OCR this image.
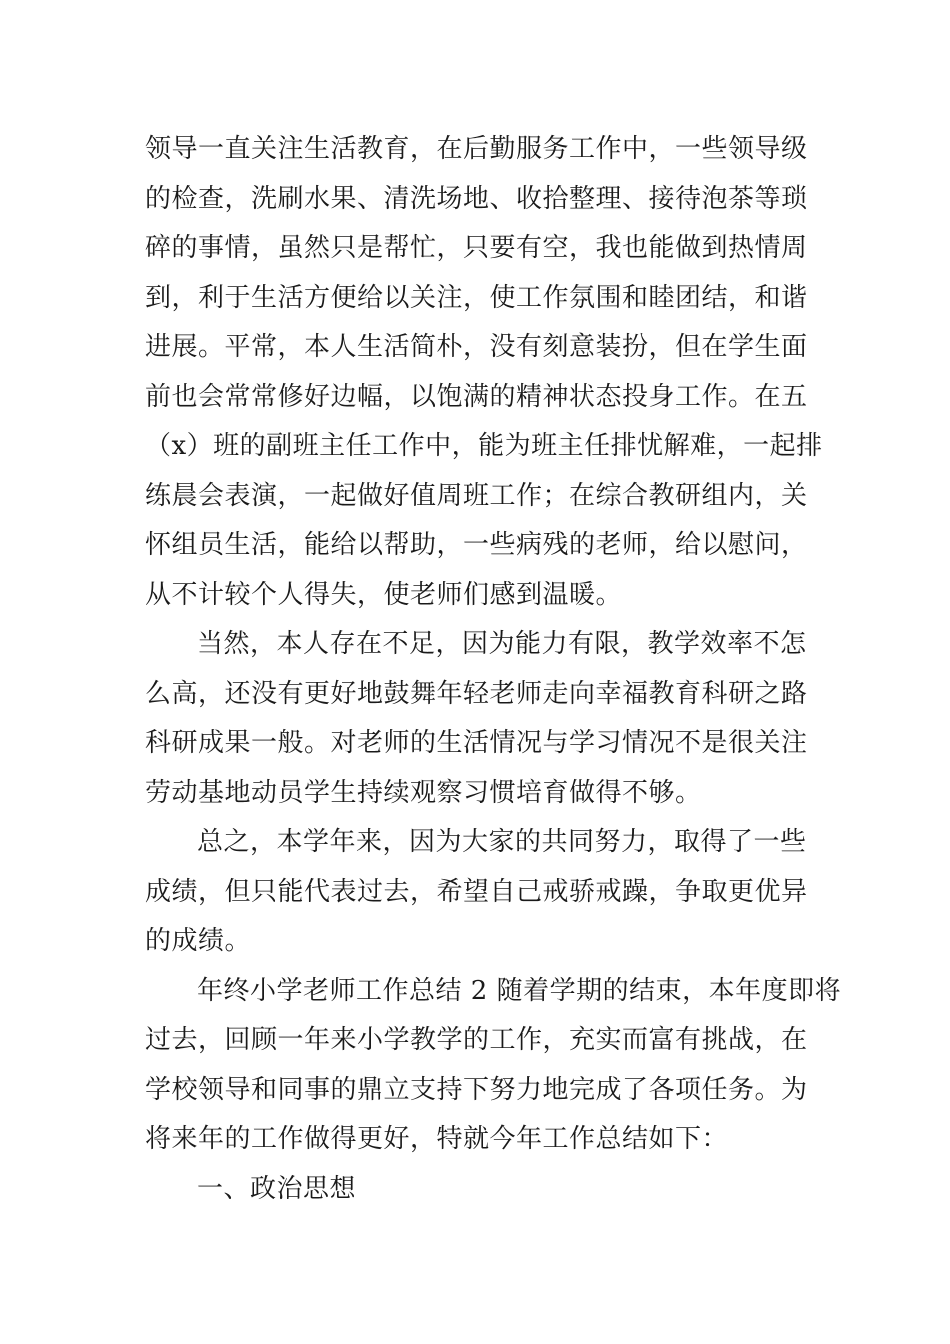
领导一直关注生活教育，在后勤服务工作中，一些领导级
的检查，洗刷水果、清洗场地、收拾整理、接待泡茶等琐
碎的事情，虽然只是帮忙，只要有空，我也能做到热情周
到，利于生活方便给以关注，使工作氛围和睦团结，和谐
进展。平常，本人生活简朴，没有刻意装扮，但在学生面
前也会常常修好边幅，以饱满的精神状态投身工作。在五
（x）班的副班主任工作中，能为班主任排忧解难，一起排
练晨会表演，一起做好值周班工作；在综合教研组内，关
怀组员生活，能给以帮助，一些病残的老师，给以慰问，
从不计较个人得失，使老师们感到温暖。
当然，本人存在不足，因为能力有限，教学效率不怎
么高，还没有更好地鼓舞年轻老师走向幸福教育科研之路
科研成果一般。对老师的生活情况与学习情况不是很关注
劳动基地动员学生持续观察习惯培育做得不够。
总之，本学年来，因为大家的共同努力，取得了一些
成绩，但只能代表过去，希望自己戒骄戒躁，争取更优异
的成绩。
年终小学老师工作总结 2 随着学期的结束，本年度即将
过去，回顾一年来小学教学的工作，充实而富有挑战，在
学校领导和同事的鼎立支持下努力地完成了各项任务。为
将来年的工作做得更好，特就今年工作总结如下：
一、政治思想
